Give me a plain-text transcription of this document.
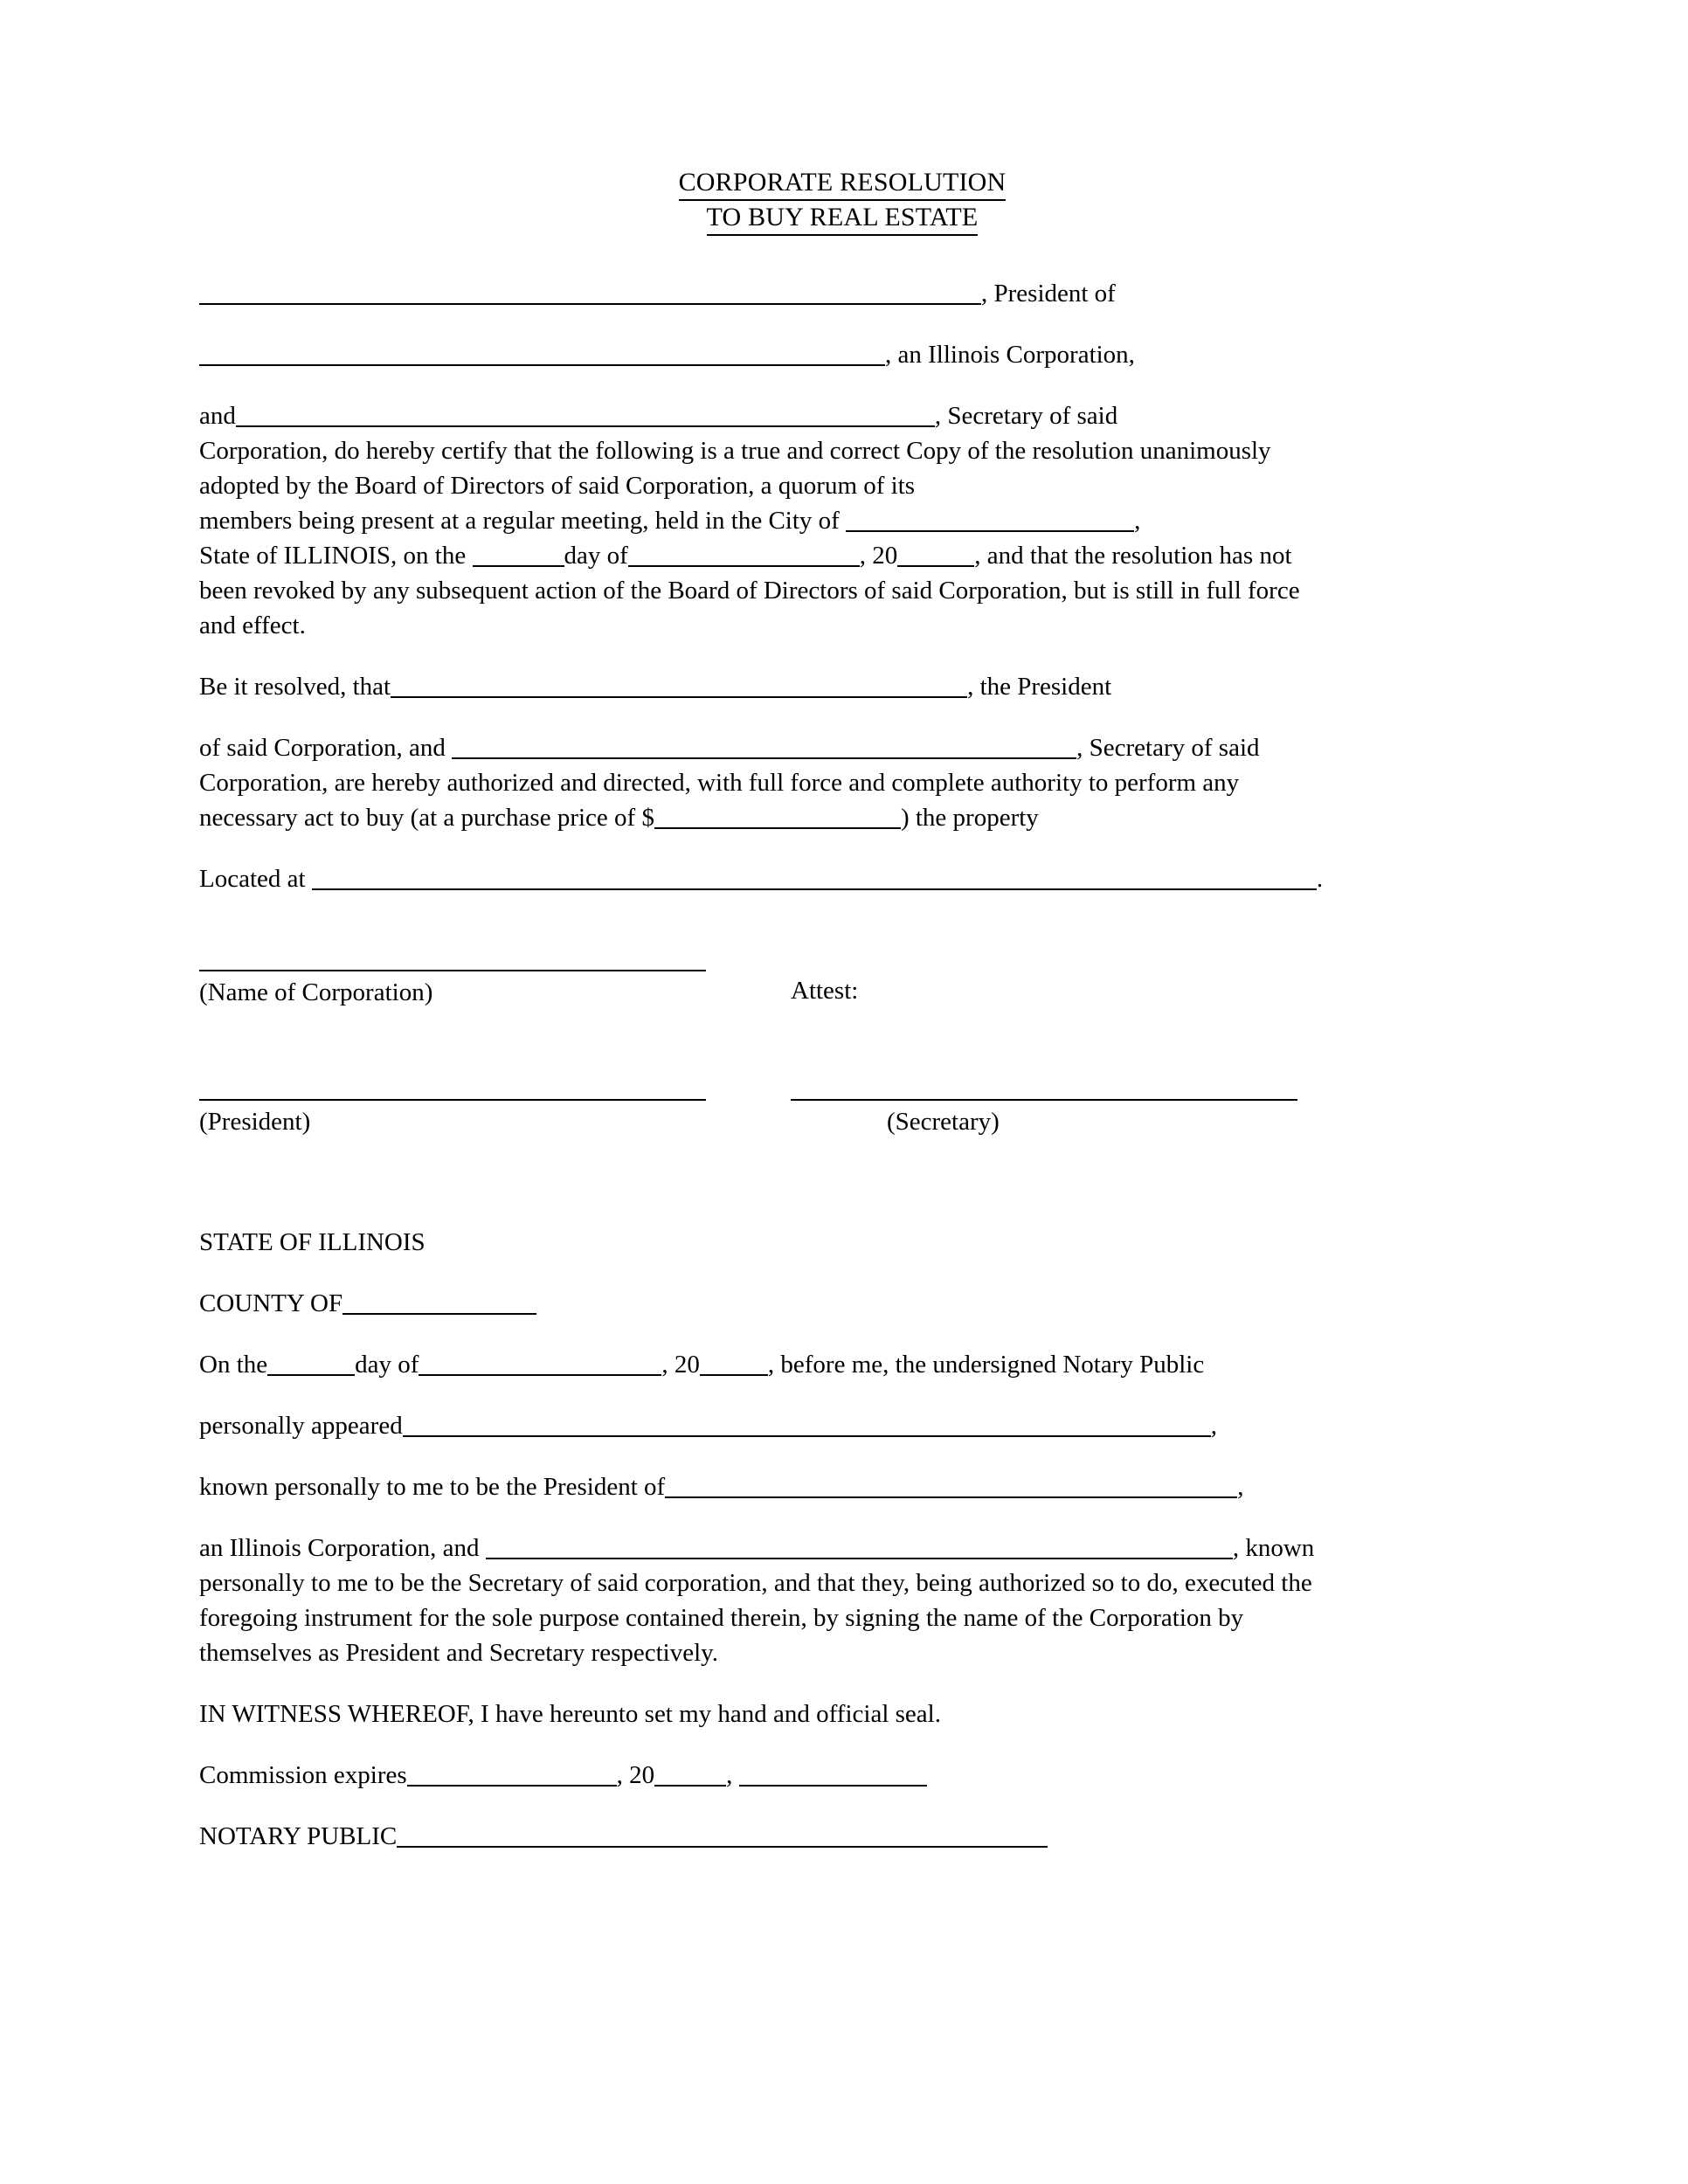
CORPORATE RESOLUTION
TO BUY REAL ESTATE
, President of
, an Illinois Corporation,
and	, Secretary of said
Corporation, do hereby certify that the following is a true and correct Copy of the resolution unanimously
adopted by the Board of Directors of said Corporation, a quorum of its
members being present at a regular meeting, held in the City of	,
State of ILLINOIS, on the	day of	, 20	, and that the resolution has not
been revoked by any subsequent action of the Board of Directors of said Corporation, but is still in full force
and effect.
Be it resolved, that	, the President
of said Corporation, and	, Secretary of said
Corporation, are hereby authorized and directed, with full force and complete authority to perform any
necessary act to buy (at a purchase price of $	) the property
Located at	.
(Name of Corporation)	Attest:
(President)	(Secretary)
STATE OF ILLINOIS
COUNTY OF
On the	day of	, 20	, before me, the undersigned Notary Public
personally appeared	,
known personally to me to be the President of	,
an Illinois Corporation, and	, known
personally to me to be the Secretary of said corporation, and that they, being authorized so to do, executed the
foregoing instrument for the sole purpose contained therein, by signing the name of the Corporation by
themselves as President and Secretary respectively.
IN WITNESS WHEREOF, I have hereunto set my hand and official seal.
Commission expires	, 20	,
NOTARY PUBLIC
